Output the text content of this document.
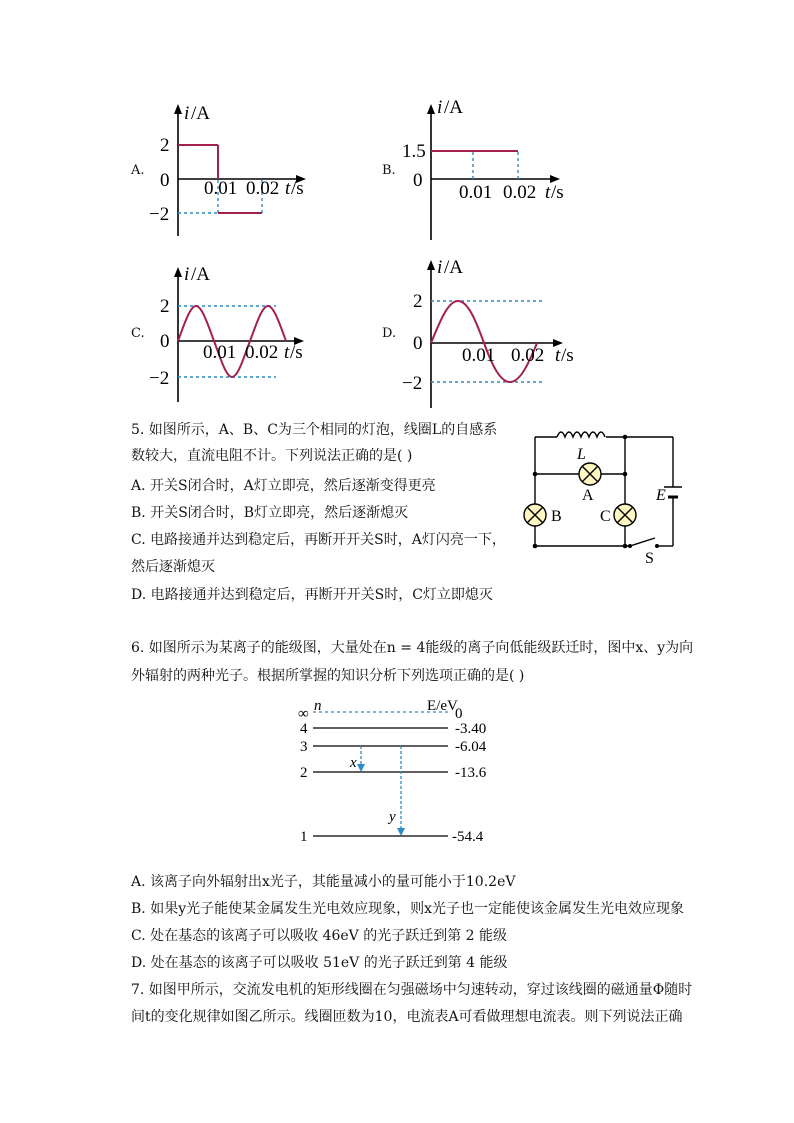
A.
i /A
2
0
−2
0.01 0.02 t /s
B.
i /A
1.5
0
0.01 0.02 t /s
C.
i /A
2
0
−2
0.01 0.02 t /s
D.
i /A
2
0
−2
0.01 0.02 t /s
5. 如图所示，A、B、C为三个相同的灯泡，线圈L的自感系
数较大，直流电阻不计。下列说法正确的是( )
A. 开关S闭合时，A灯立即亮，然后逐渐变得更亮
B. 开关S闭合时，B灯立即亮，然后逐渐熄灭
C. 电路接通并达到稳定后，再断开开关S时，A灯闪亮一下，
然后逐渐熄灭
D. 电路接通并达到稳定后，再断开开关S时，C灯立即熄灭
L
A
B C
E
S
6. 如图所示为某离子的能级图，大量处在n = 4能级的离子向低能级跃迁时，图中x、y为向
外辐射的两种光子。根据所掌握的知识分析下列选项正确的是( )
n	E/eV
∞
4
3
2
1
0
-3.40
-6.04
-13.6
-54.4
x
y
A. 该离子向外辐射出x光子，其能量减小的量可能小于10.2eV
B. 如果y光子能使某金属发生光电效应现象，则x光子也一定能使该金属发生光电效应现象
C. 处在基态的该离子可以吸收 46eV 的光子跃迁到第 2 能级
D. 处在基态的该离子可以吸收 51eV 的光子跃迁到第 4 能级
7. 如图甲所示，交流发电机的矩形线圈在匀强磁场中匀速转动，穿过该线圈的磁通量Φ随时
间t的变化规律如图乙所示。线圈匝数为10，电流表A可看做理想电流表。则下列说法正确
